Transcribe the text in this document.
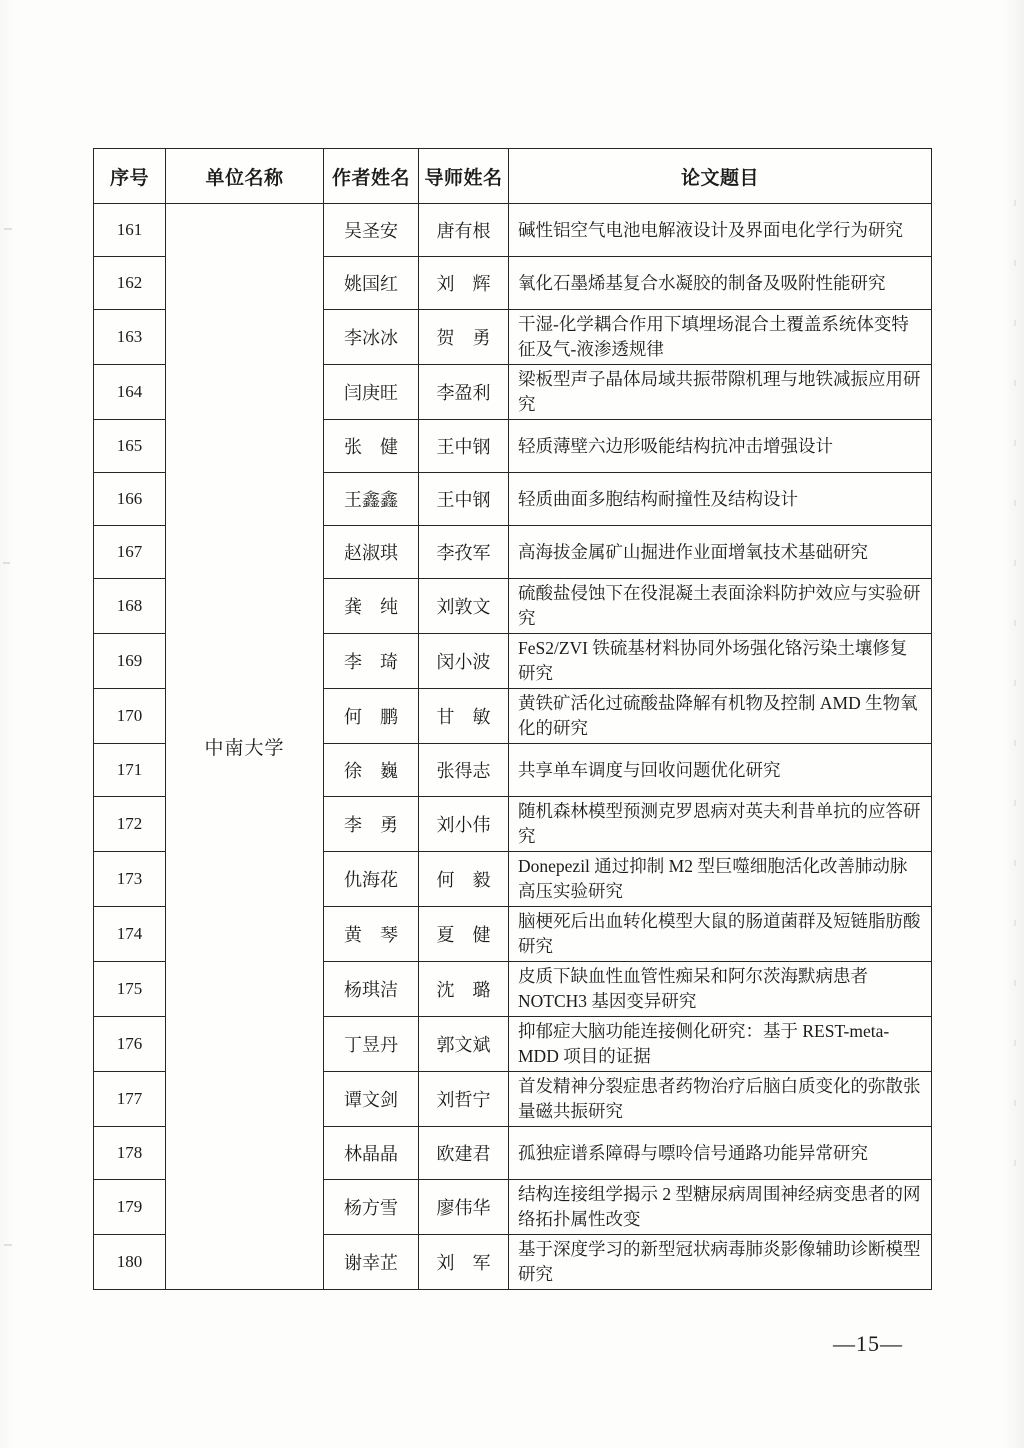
序号	单位名称	作者姓名	导师姓名	论文题目
161	中南大学	吴圣安	唐有根	碱性铝空气电池电解液设计及界面电化学行为研究
162		姚国红	刘　辉	氧化石墨烯基复合水凝胶的制备及吸附性能研究
163		李冰冰	贺　勇	干湿-化学耦合作用下填埋场混合土覆盖系统体变特征及气-液渗透规律
164		闫庚旺	李盈利	梁板型声子晶体局域共振带隙机理与地铁减振应用研究
165		张　健	王中钢	轻质薄壁六边形吸能结构抗冲击增强设计
166		王鑫鑫	王中钢	轻质曲面多胞结构耐撞性及结构设计
167		赵淑琪	李孜军	高海拔金属矿山掘进作业面增氧技术基础研究
168		龚　纯	刘敦文	硫酸盐侵蚀下在役混凝土表面涂料防护效应与实验研究
169		李　琦	闵小波	FeS2/ZVI 铁硫基材料协同外场强化铬污染土壤修复研究
170		何　鹏	甘　敏	黄铁矿活化过硫酸盐降解有机物及控制 AMD 生物氧化的研究
171		徐　巍	张得志	共享单车调度与回收问题优化研究
172		李　勇	刘小伟	随机森林模型预测克罗恩病对英夫利昔单抗的应答研究
173		仇海花	何　毅	Donepezil 通过抑制 M2 型巨噬细胞活化改善肺动脉高压实验研究
174		黄　琴	夏　健	脑梗死后出血转化模型大鼠的肠道菌群及短链脂肪酸研究
175		杨琪洁	沈　璐	皮质下缺血性血管性痴呆和阿尔茨海默病患者 NOTCH3 基因变异研究
176		丁昱丹	郭文斌	抑郁症大脑功能连接侧化研究：基于 REST-meta-MDD 项目的证据
177		谭文剑	刘哲宁	首发精神分裂症患者药物治疗后脑白质变化的弥散张量磁共振研究
178		林晶晶	欧建君	孤独症谱系障碍与嘌呤信号通路功能异常研究
179		杨方雪	廖伟华	结构连接组学揭示 2 型糖尿病周围神经病变患者的网络拓扑属性改变
180		谢幸芷	刘　军	基于深度学习的新型冠状病毒肺炎影像辅助诊断模型研究
—15—
